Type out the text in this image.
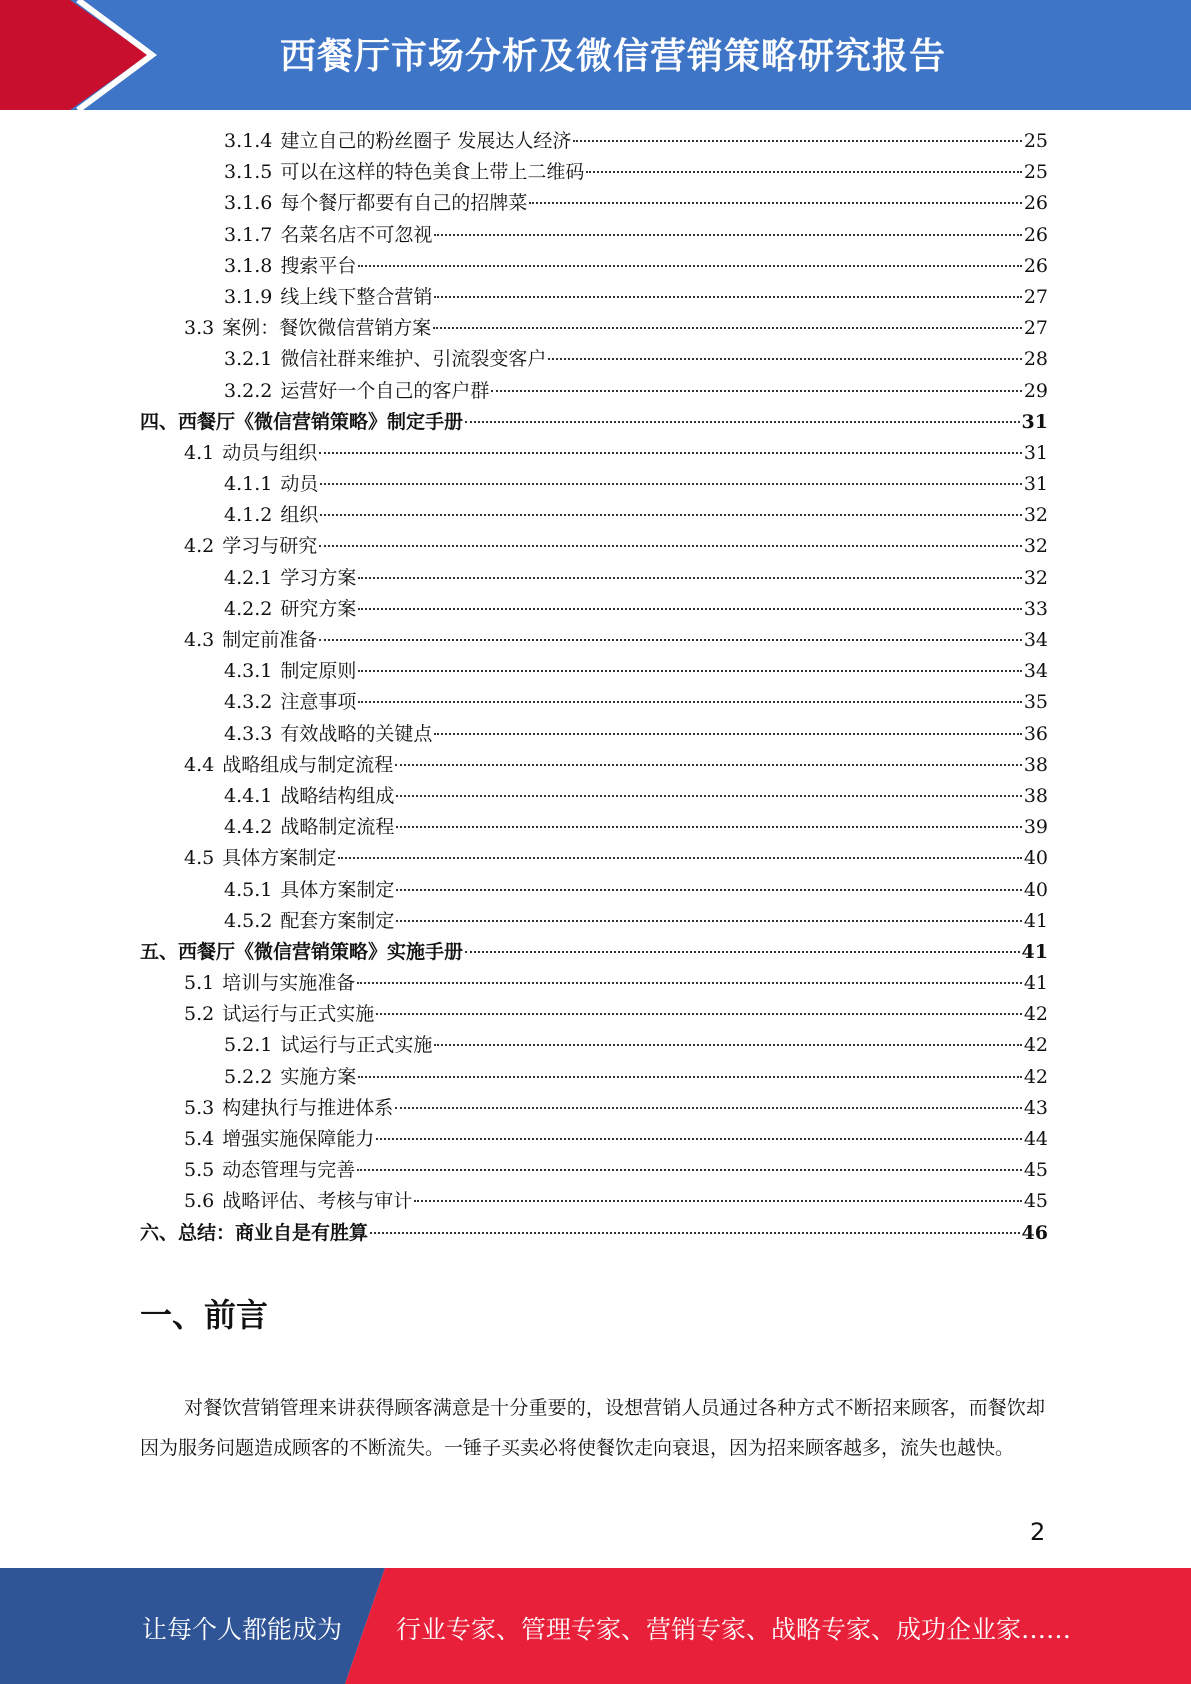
西餐厅市场分析及微信营销策略研究报告
3.1.4 建立自己的粉丝圈子 发展达人经济	25
3.1.5 可以在这样的特色美食上带上二维码	25
3.1.6 每个餐厅都要有自己的招牌菜	26
3.1.7 名菜名店不可忽视	26
3.1.8 搜索平台	26
3.1.9 线上线下整合营销	27
3.3 案例：餐饮微信营销方案	27
3.2.1 微信社群来维护、引流裂变客户	28
3.2.2 运营好一个自己的客户群	29
四、西餐厅《微信营销策略》制定手册	31
4.1 动员与组织	31
4.1.1 动员	31
4.1.2 组织	32
4.2 学习与研究	32
4.2.1 学习方案	32
4.2.2 研究方案	33
4.3 制定前准备	34
4.3.1 制定原则	34
4.3.2 注意事项	35
4.3.3 有效战略的关键点	36
4.4 战略组成与制定流程	38
4.4.1 战略结构组成	38
4.4.2 战略制定流程	39
4.5 具体方案制定	40
4.5.1 具体方案制定	40
4.5.2 配套方案制定	41
五、西餐厅《微信营销策略》实施手册	41
5.1 培训与实施准备	41
5.2 试运行与正式实施	42
5.2.1 试运行与正式实施	42
5.2.2 实施方案	42
5.3 构建执行与推进体系	43
5.4 增强实施保障能力	44
5.5 动态管理与完善	45
5.6 战略评估、考核与审计	45
六、总结：商业自是有胜算	46
一、前言
对餐饮营销管理来讲获得顾客满意是十分重要的，设想营销人员通过各种方式不断招来顾客，而餐饮却因为服务问题造成顾客的不断流失。一锤子买卖必将使餐饮走向衰退，因为招来顾客越多，流失也越快。
2
让每个人都能成为 行业专家、管理专家、营销专家、战略专家、成功企业家……
